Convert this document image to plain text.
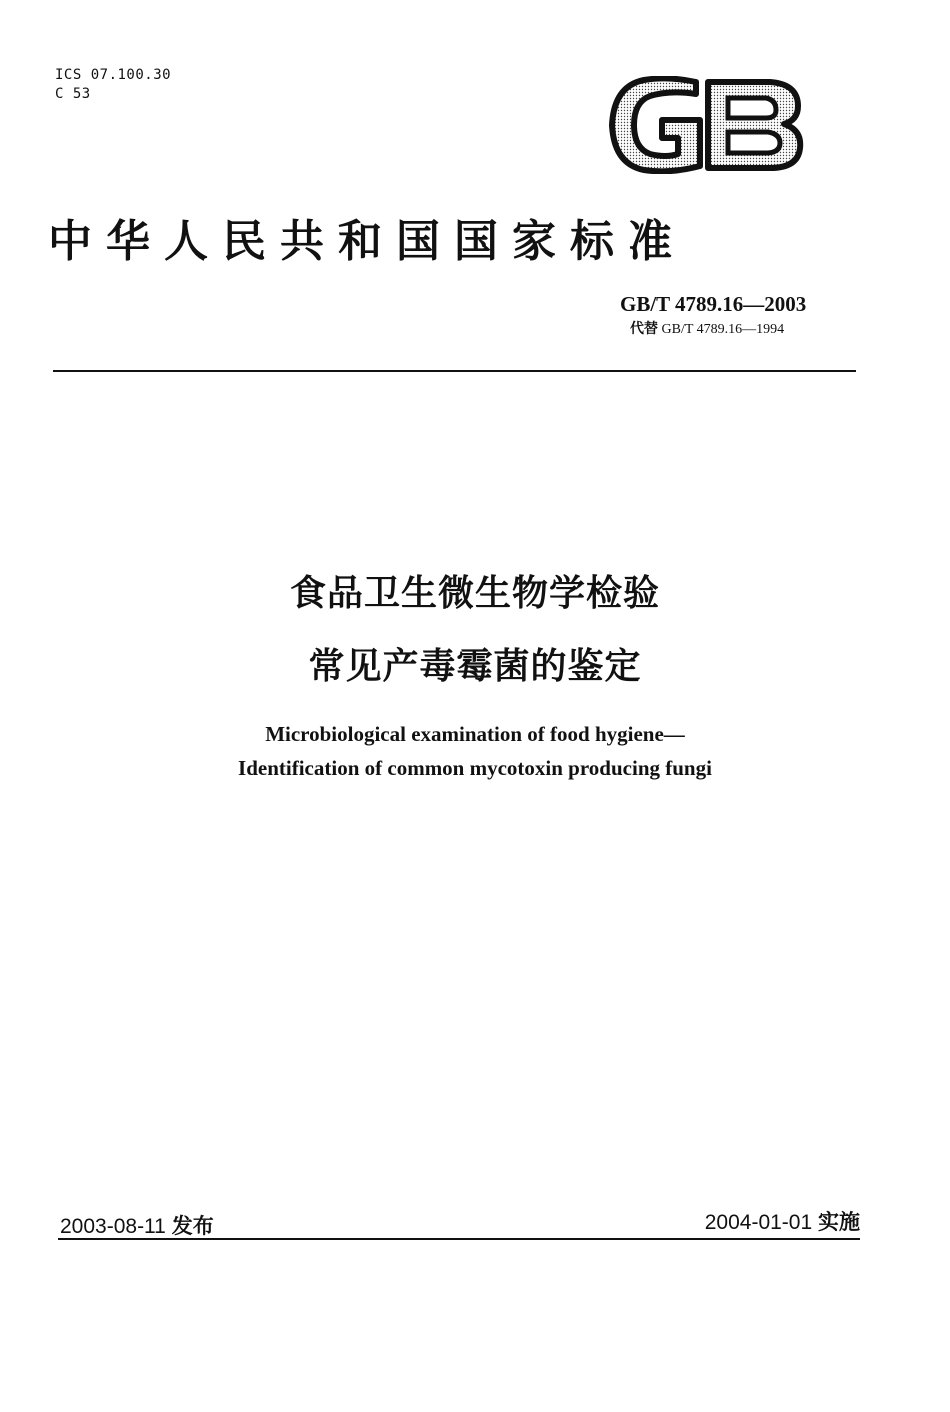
ICS 07.100.30
C 53
中华人民共和国国家标准
GB/T 4789.16—2003
代替 GB/T 4789.16—1994
食品卫生微生物学检验
常见产毒霉菌的鉴定
Microbiological examination of food hygiene—
Identification of common mycotoxin producing fungi
2003-08-11 发布	2004-01-01 实施
